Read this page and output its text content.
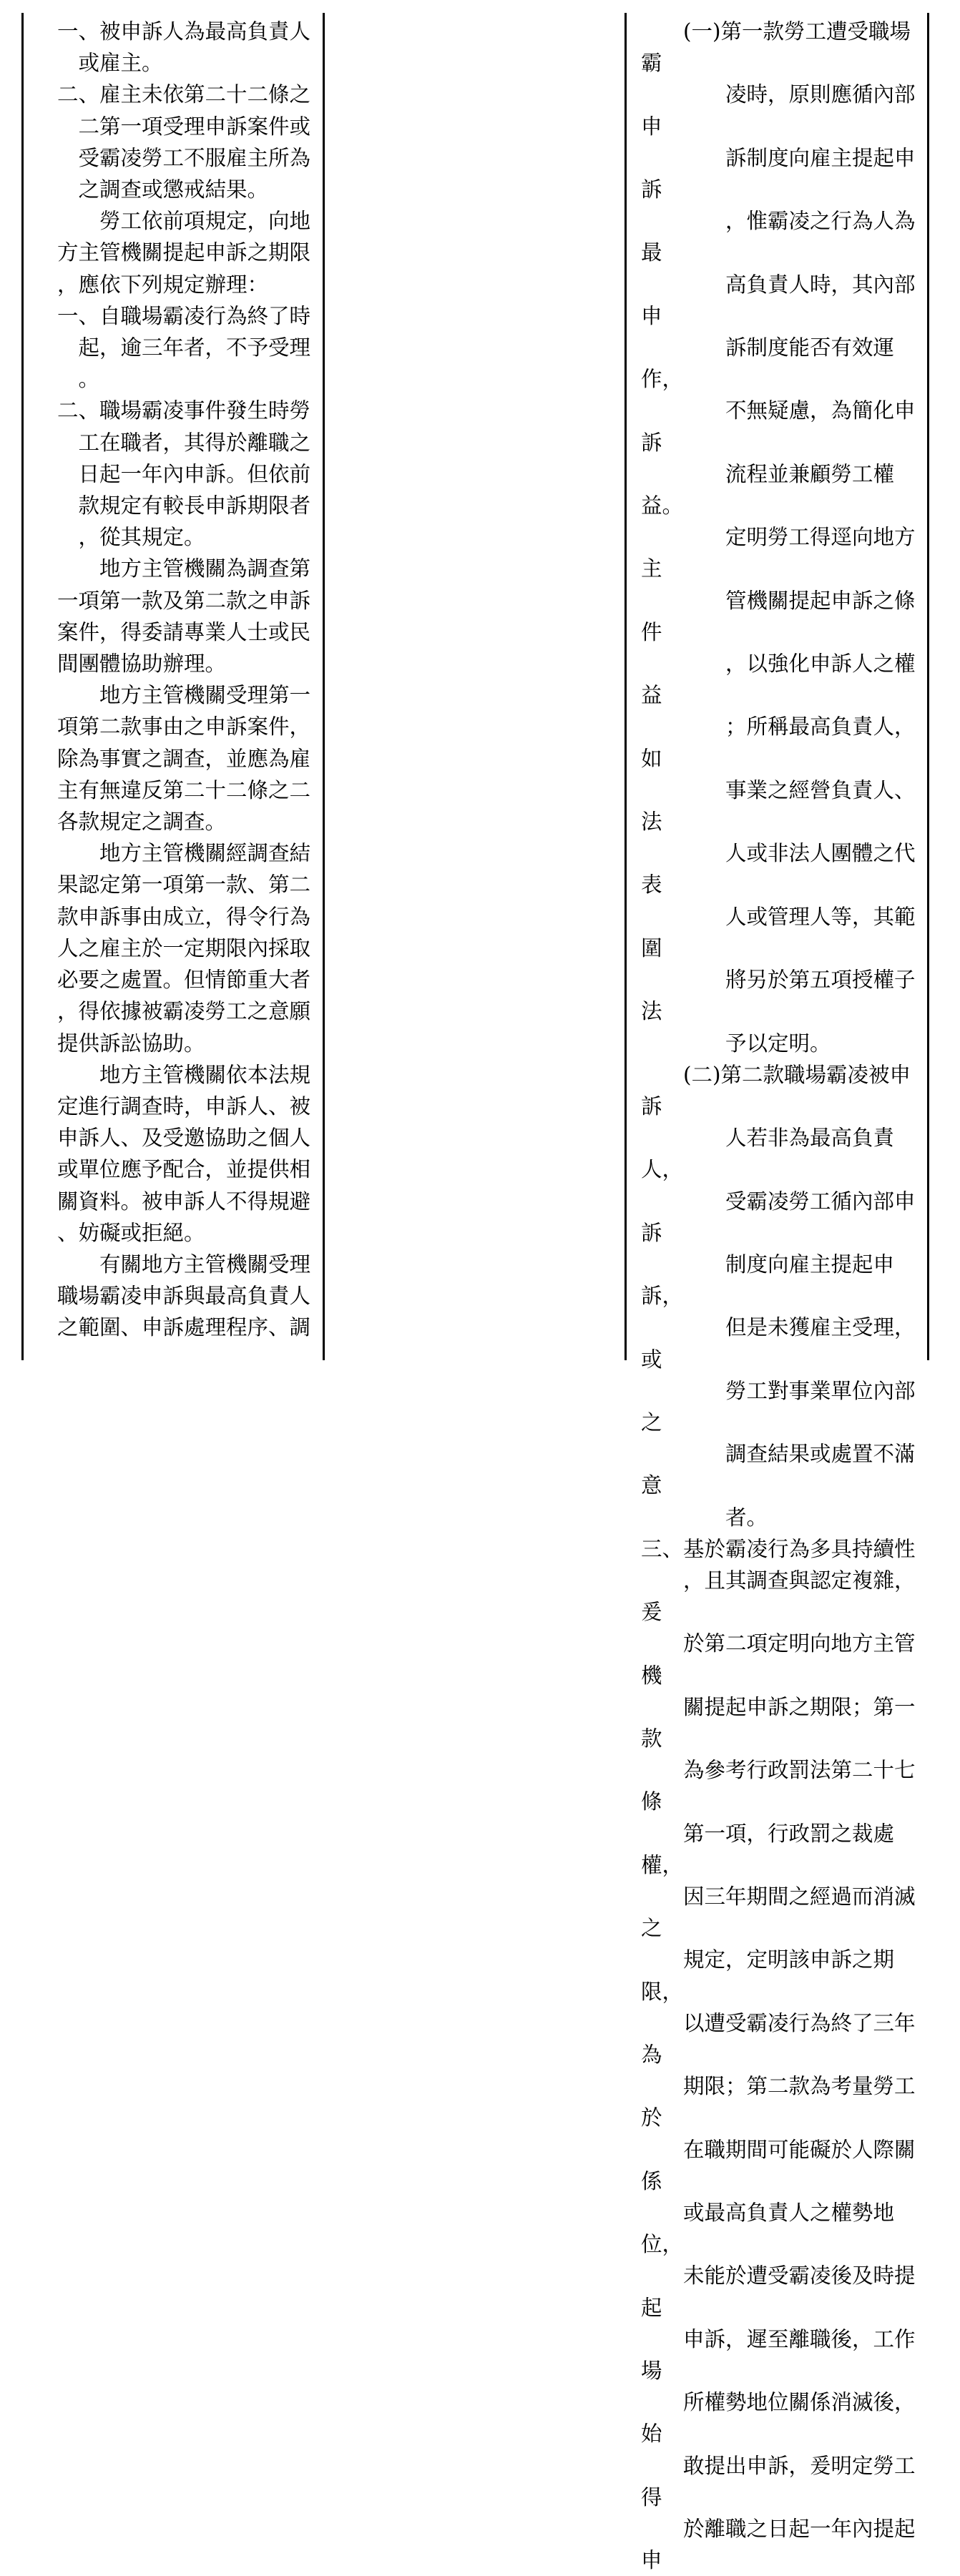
一、被申訴人為最高負責人

　或雇主。

二、雇主未依第二十二條之

　二第一項受理申訴案件或

　受霸凌勞工不服雇主所為

　之調查或懲戒結果。

　　勞工依前項規定，向地

方主管機關提起申訴之期限

，應依下列規定辦理：

一、自職場霸凌行為終了時

　起，逾三年者，不予受理

　。

二、職場霸凌事件發生時勞

　工在職者，其得於離職之

　日起一年內申訴。但依前

　款規定有較長申訴期限者

　，從其規定。

　　地方主管機關為調查第

一項第一款及第二款之申訴

案件，得委請專業人士或民

間團體協助辦理。

　　地方主管機關受理第一

項第二款事由之申訴案件，

除為事實之調查，並應為雇

主有無違反第二十二條之二

各款規定之調查。

　　地方主管機關經調查結

果認定第一項第一款、第二

款申訴事由成立，得令行為

人之雇主於一定期限內採取

必要之處置。但情節重大者

，得依據被霸凌勞工之意願

提供訴訟協助。

　　地方主管機關依本法規

定進行調查時，申訴人、被

申訴人、及受邀協助之個人

或單位應予配合，並提供相

關資料。被申訴人不得規避

、妨礙或拒絕。

　　有關地方主管機關受理

職場霸凌申訴與最高負責人

之範圍、申訴處理程序、調

　　(一)第一款勞工遭受職場霸

　　　　凌時，原則應循內部申

　　　　訴制度向雇主提起申訴

　　　　，惟霸凌之行為人為最

　　　　高負責人時，其內部申

　　　　訴制度能否有效運作，

　　　　不無疑慮，為簡化申訴

　　　　流程並兼顧勞工權益。

　　　　定明勞工得逕向地方主

　　　　管機關提起申訴之條件

　　　　，以強化申訴人之權益

　　　　；所稱最高負責人，如

　　　　事業之經營負責人、法

　　　　人或非法人團體之代表

　　　　人或管理人等，其範圍

　　　　將另於第五項授權子法

　　　　予以定明。

　　(二)第二款職場霸凌被申訴

　　　　人若非為最高負責人，

　　　　受霸凌勞工循內部申訴

　　　　制度向雇主提起申訴，

　　　　但是未獲雇主受理，或

　　　　勞工對事業單位內部之

　　　　調查結果或處置不滿意

　　　　者。

三、基於霸凌行為多具持續性

　　，且其調查與認定複雜，爰

　　於第二項定明向地方主管機

　　關提起申訴之期限；第一款

　　為參考行政罰法第二十七條

　　第一項，行政罰之裁處權，

　　因三年期間之經過而消滅之

　　規定，定明該申訴之期限，

　　以遭受霸凌行為終了三年為

　　期限；第二款為考量勞工於

　　在職期間可能礙於人際關係

　　或最高負責人之權勢地位，

　　未能於遭受霸凌後及時提起

　　申訴，遲至離職後，工作場

　　所權勢地位關係消滅後，始

　　敢提出申訴，爰明定勞工得

　　於離職之日起一年內提起申
